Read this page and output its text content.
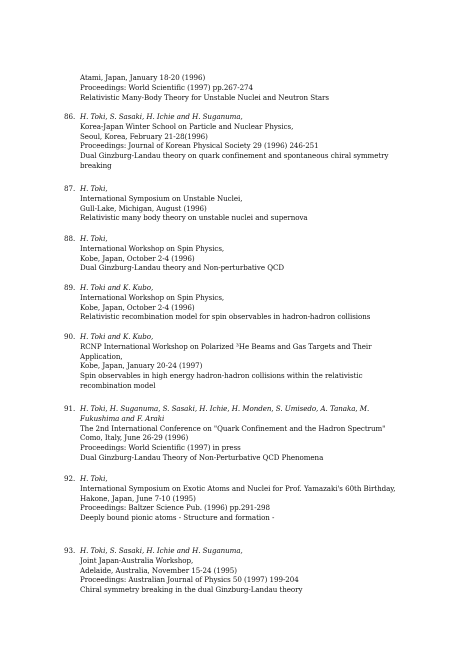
Atami, Japan, January 18-20 (1996)
Proceedings: World Scientific (1997) pp.267-274
Relativistic Many-Body Theory for Unstable Nuclei and Neutron Stars
86. H. Toki, S. Sasaki, H. Ichie and H. Suganuma,
Korea-Japan Winter School on Particle and Nuclear Physics,
Seoul, Korea, February 21-28(1996)
Proceedings: Journal of Korean Physical Society 29 (1996) 246-251
Dual Ginzburg-Landau theory on quark confinement and spontaneous chiral symmetry breaking
87. H. Toki,
International Symposium on Unstable Nuclei,
Gull-Lake, Michigan, August (1996)
Relativistic many body theory on unstable nuclei and supernova
88. H. Toki,
International Workshop on Spin Physics,
Kobe, Japan, October 2-4 (1996)
Dual Ginzburg-Landau theory and Non-perturbative QCD
89. H. Toki and K. Kubo,
International Workshop on Spin Physics,
Kobe, Japan, October 2-4 (1996)
Relativistic recombination model for spin observables in hadron-hadron collisions
90. H. Toki and K. Kubo,
RCNP International Workshop on Polarized ³He Beams and Gas Targets and Their Application,
Kobe, Japan, January 20-24 (1997)
Spin observables in high energy hadron-hadron collisions within the relativistic recombination model
91. H. Toki, H. Suganuma, S. Sasaki, H. Ichie, H. Monden, S. Umisedo, A. Tanaka, M. Fukushima and F. Araki
The 2nd International Conference on "Quark Confinement and the Hadron Spectrum"
Como, Italy, June 26-29 (1996)
Proceedings: World Scientific (1997) in press
Dual Ginzburg-Landau Theory of Non-Perturbative QCD Phenomena
92. H. Toki,
International Symposium on Exotic Atoms and Nuclei for Prof. Yamazaki's 60th Birthday,
Hakone, Japan, June 7-10 (1995)
Proceedings: Baltzer Science Pub. (1996) pp.291-298
Deeply bound pionic atoms - Structure and formation -
93. H. Toki, S. Sasaki, H. Ichie and H. Suganuma,
Joint Japan-Australia Workshop,
Adelaide, Australia, November 15-24 (1995)
Proceedings: Australian Journal of Physics 50 (1997) 199-204
Chiral symmetry breaking in the dual Ginzburg-Landau theory
